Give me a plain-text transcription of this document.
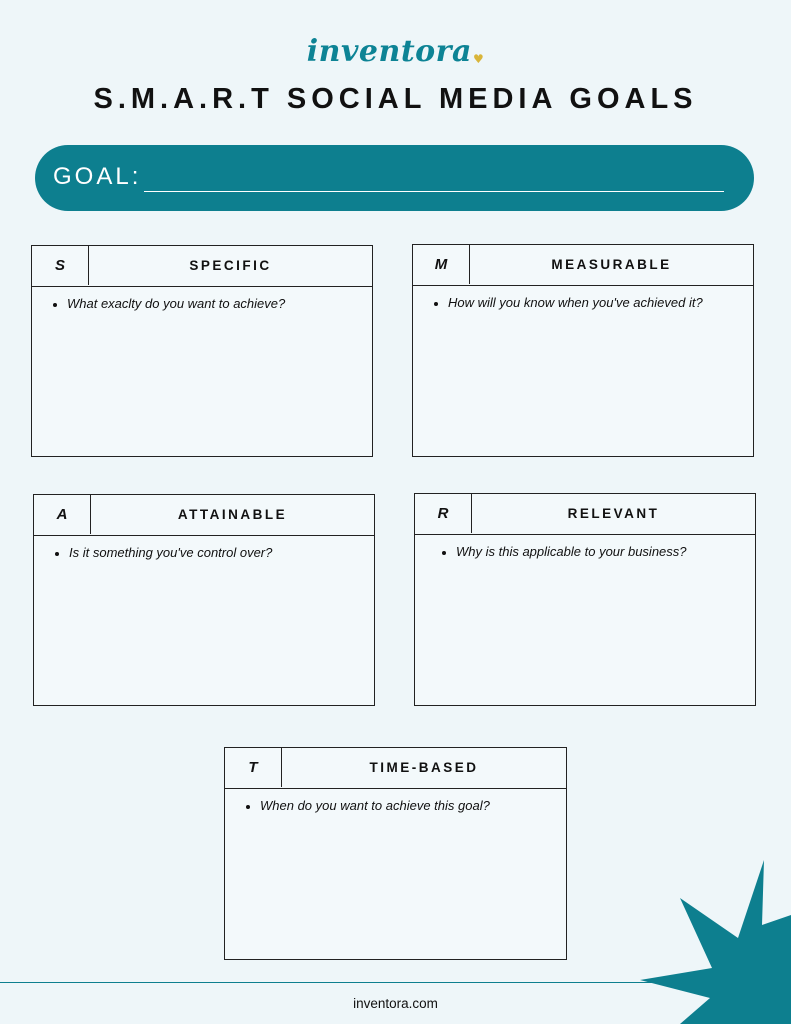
inventora♥
S.M.A.R.T SOCIAL MEDIA GOALS
GOAL:
S	SPECIFIC
• What exaclty do you want to achieve?
M	MEASURABLE
• How will you know when you've achieved it?
A	ATTAINABLE
• Is it something you've control over?
R	RELEVANT
• Why is this applicable to your business?
T	TIME-BASED
• When do you want to achieve this goal?
inventora.com
